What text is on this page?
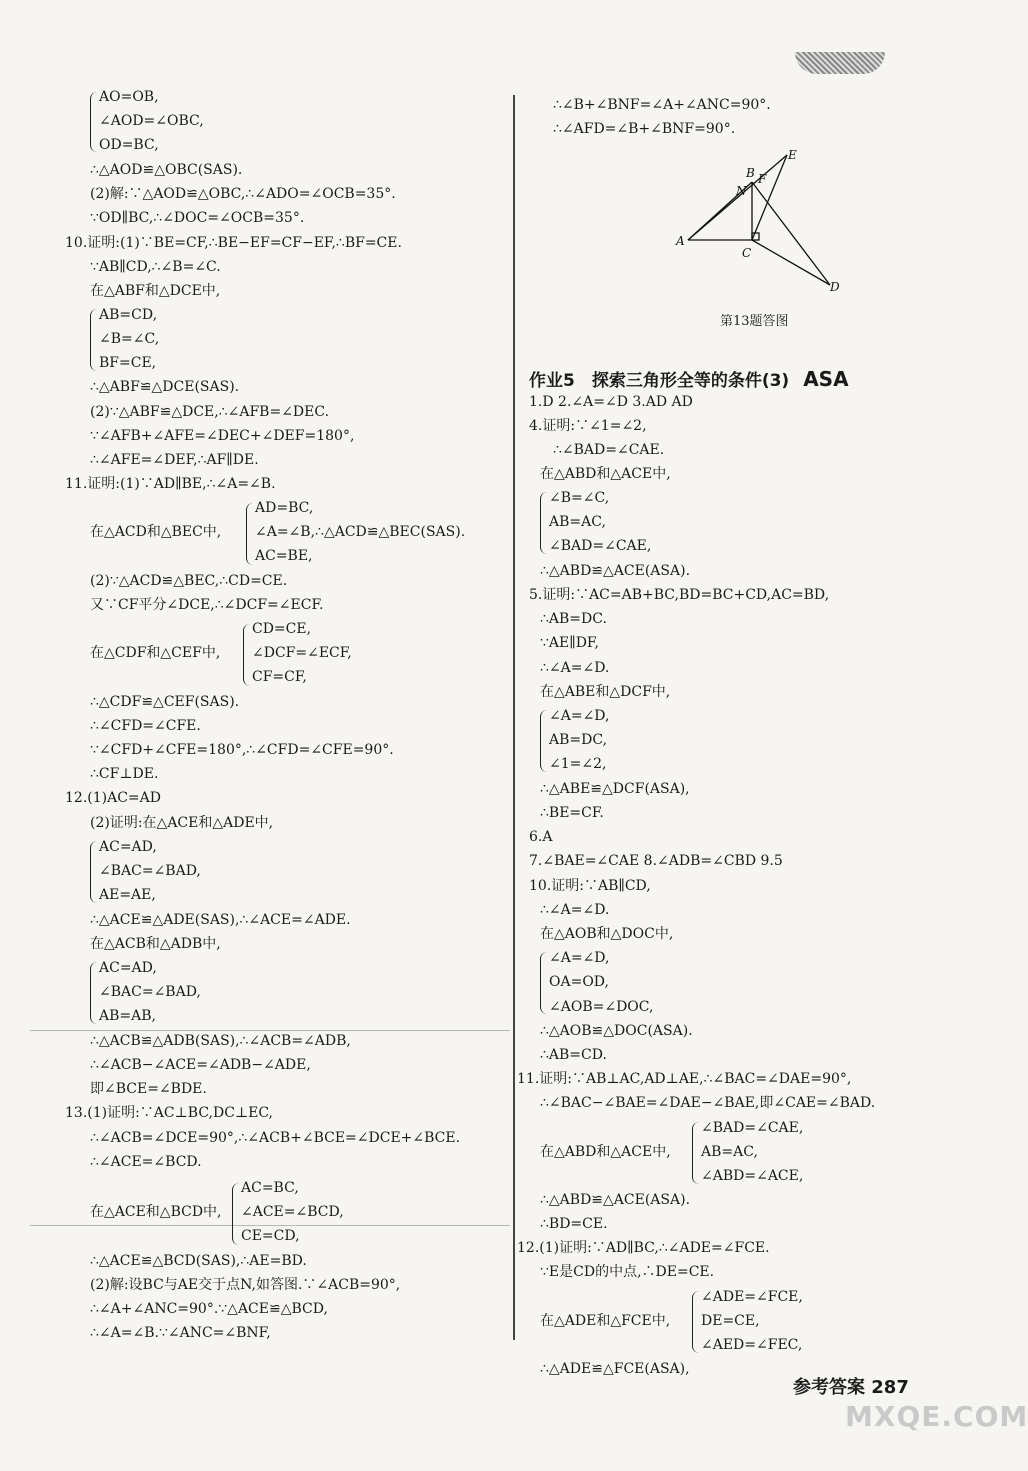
AO=OB,
∠AOD=∠OBC,
OD=BC,
∴△AOD≌△OBC(SAS).
(2)解:∵△AOD≌△OBC,∴∠ADO=∠OCB=35°.
∵OD∥BC,∴∠DOC=∠OCB=35°.
10.证明:(1)∵BE=CF,∴BE−EF=CF−EF,∴BF=CE.
∵AB∥CD,∴∠B=∠C.
在△ABF和△DCE中,
AB=CD,
∠B=∠C,
BF=CE,
∴△ABF≌△DCE(SAS).
(2)∵△ABF≌△DCE,∴∠AFB=∠DEC.
∵∠AFB+∠AFE=∠DEC+∠DEF=180°,
∴∠AFE=∠DEF,∴AF∥DE.
11.证明:(1)∵AD∥BE,∴∠A=∠B.
AD=BC,
在△ACD和△BEC中, ∠A=∠B,∴△ACD≌△BEC(SAS).
AC=BE,
(2)∵△ACD≌△BEC,∴CD=CE.
又∵CF平分∠DCE,∴∠DCF=∠ECF.
CD=CE,
在△CDF和△CEF中, ∠DCF=∠ECF,
CF=CF,
∴△CDF≌△CEF(SAS).
∴∠CFD=∠CFE.
∵∠CFD+∠CFE=180°,∴∠CFD=∠CFE=90°.
∴CF⊥DE.
12.(1)AC=AD
(2)证明:在△ACE和△ADE中,
AC=AD,
∠BAC=∠BAD,
AE=AE,
∴△ACE≌△ADE(SAS),∴∠ACE=∠ADE.
在△ACB和△ADB中,
AC=AD,
∠BAC=∠BAD,
AB=AB,
∴△ACB≌△ADB(SAS),∴∠ACB=∠ADB,
∴∠ACB−∠ACE=∠ADB−∠ADE,
即∠BCE=∠BDE.
13.(1)证明:∵AC⊥BC,DC⊥EC,
∴∠ACB=∠DCE=90°,∴∠ACB+∠BCE=∠DCE+∠BCE.
∴∠ACE=∠BCD.
AC=BC,
在△ACE和△BCD中, ∠ACE=∠BCD,
CE=CD,
∴△ACE≌△BCD(SAS),∴AE=BD.
(2)解:设BC与AE交于点N,如答图.∵∠ACB=90°,
∴∠A+∠ANC=90°.∵△ACE≌△BCD,
∴∠A=∠B.∵∠ANC=∠BNF,
∴∠B+∠BNF=∠A+∠ANC=90°.
∴∠AFD=∠B+∠BNF=90°.
B
N
F
E
A
C
D
第13题答图
作业5　探索三角形全等的条件(3) ASA
1.D 2.∠A=∠D 3.AD AD
4.证明:∵∠1=∠2,
∴∠BAD=∠CAE.
在△ABD和△ACE中,
∠B=∠C,
AB=AC,
∠BAD=∠CAE,
∴△ABD≌△ACE(ASA).
5.证明:∵AC=AB+BC,BD=BC+CD,AC=BD,
∴AB=DC.
∵AE∥DF,
∴∠A=∠D.
在△ABE和△DCF中,
∠A=∠D,
AB=DC,
∠1=∠2,
∴△ABE≌△DCF(ASA),
∴BE=CF.
6.A
7.∠BAE=∠CAE 8.∠ADB=∠CBD 9.5
10.证明:∵AB∥CD,
∴∠A=∠D.
在△AOB和△DOC中,
∠A=∠D,
OA=OD,
∠AOB=∠DOC,
∴△AOB≌△DOC(ASA).
∴AB=CD.
11.证明:∵AB⊥AC,AD⊥AE,∴∠BAC=∠DAE=90°,
∴∠BAC−∠BAE=∠DAE−∠BAE,即∠CAE=∠BAD.
∠BAD=∠CAE,
在△ABD和△ACE中, AB=AC,
∠ABD=∠ACE,
∴△ABD≌△ACE(ASA).
∴BD=CE.
12.(1)证明:∵AD∥BC,∴∠ADE=∠FCE.
∵E是CD的中点,∴DE=CE.
∠ADE=∠FCE,
在△ADE和△FCE中, DE=CE,
∠AED=∠FEC,
∴△ADE≌△FCE(ASA),
参考答案 287
MXQE.COM
